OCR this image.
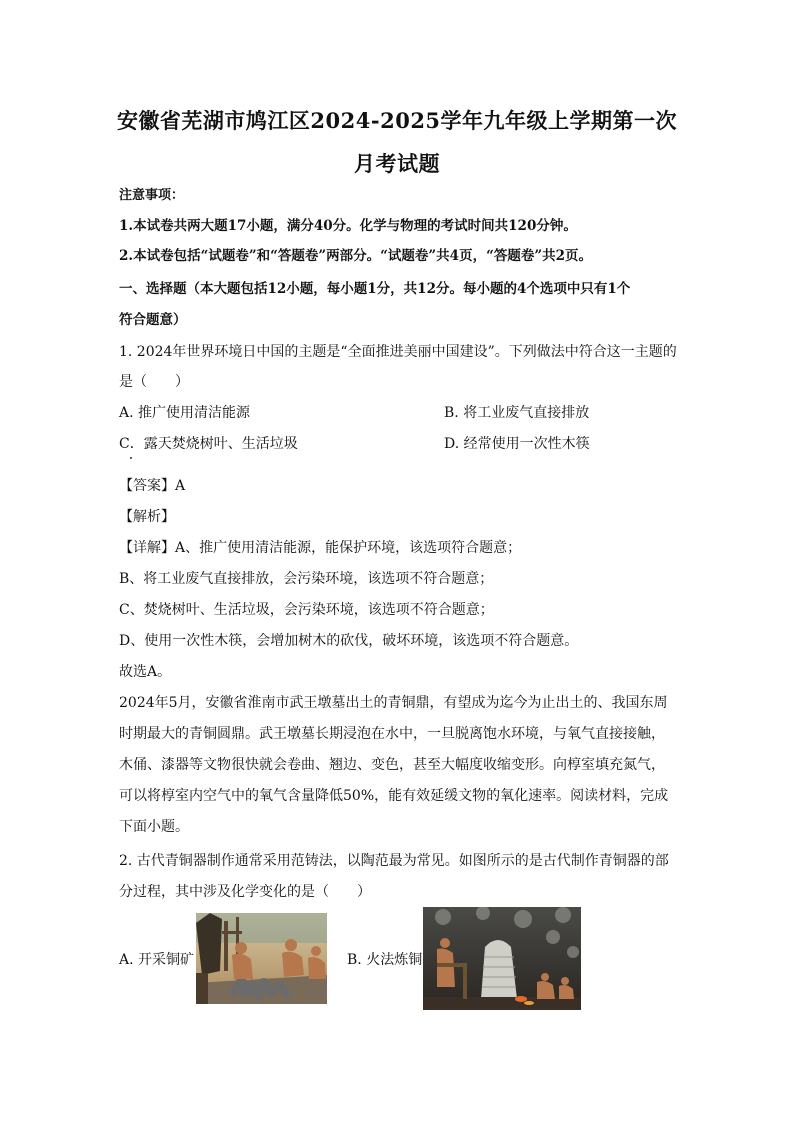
安徽省芜湖市鸠江区2024-2025学年九年级上学期第一次
月考试题
注意事项：
1.本试卷共两大题17小题，满分40分。化学与物理的考试时间共120分钟。
2.本试卷包括“试题卷”和“答题卷”两部分。“试题卷”共4页，“答题卷”共2页。
一、选择题（本大题包括12小题，每小题1分，共12分。每小题的4个选项中只有1个
符合题意）
1. 2024年世界环境日中国的主题是“全面推进美丽中国建设”。下列做法中符合这一主题的
是（　　）
A. 推广使用清洁能源	B. 将工业废气直接排放
C．露天焚烧树叶、生活垃圾	D. 经常使用一次性木筷
【答案】A
【解析】
【详解】A、推广使用清洁能源，能保护环境，该选项符合题意；
B、将工业废气直接排放，会污染环境，该选项不符合题意；
C、焚烧树叶、生活垃圾，会污染环境，该选项不符合题意；
D、使用一次性木筷，会增加树木的砍伐，破坏环境，该选项不符合题意。
故选A。
2024年5月，安徽省淮南市武王墩墓出土的青铜鼎，有望成为迄今为止出土的、我国东周
时期最大的青铜圆鼎。武王墩墓长期浸泡在水中，一旦脱离饱水环境，与氧气直接接触，
木俑、漆器等文物很快就会卷曲、翘边、变色，甚至大幅度收缩变形。向椁室填充氮气，
可以将椁室内空气中的氧气含量降低50%，能有效延缓文物的氧化速率。阅读材料，完成
下面小题。
2. 古代青铜器制作通常采用范铸法，以陶范最为常见。如图所示的是古代制作青铜器的部
分过程，其中涉及化学变化的是（　　）
A. 开采铜矿	B. 火法炼铜
